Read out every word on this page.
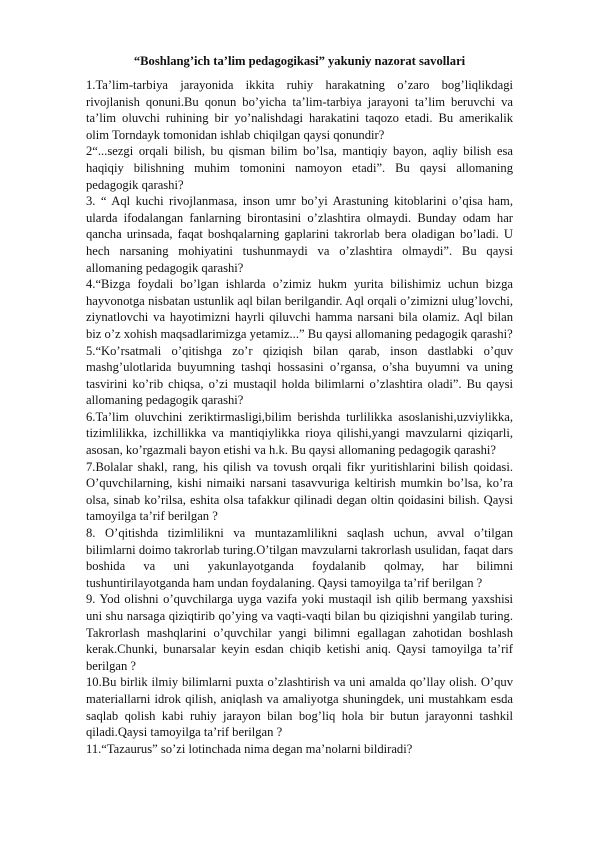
“Boshlang’ich ta’lim pedagogikasi” yakuniy nazorat savollari
1.Ta’lim-tarbiya jarayonida ikkita ruhiy harakatning o’zaro bog’liqlikdagi rivojlanish qonuni.Bu qonun bo’yicha ta’lim-tarbiya jarayoni ta’lim beruvchi va ta’lim oluvchi ruhining bir yo’nalishdagi harakatini taqozo etadi. Bu amerikalik olim Torndayk tomonidan ishlab chiqilgan qaysi qonundir?
2“...sezgi orqali bilish, bu qisman bilim bo’lsa, mantiqiy bayon, aqliy bilish esa haqiqiy bilishning muhim tomonini namoyon etadi”. Bu qaysi allomaning pedagogik qarashi?
3. “ Aql kuchi rivojlanmasa, inson umr bo’yi Arastuning kitoblarini o’qisa ham, ularda ifodalangan fanlarning birontasini o’zlashtira olmaydi. Bunday odam har qancha urinsada, faqat boshqalarning gaplarini takrorlab bera oladigan bo’ladi. U hech narsaning mohiyatini tushunmaydi va o’zlashtira olmaydi”. Bu qaysi allomaning pedagogik qarashi?
4.“Bizga foydali bo’lgan ishlarda o’zimiz hukm yurita bilishimiz uchun bizga hayvonotga nisbatan ustunlik aql bilan berilgandir. Aql orqali o’zimizni ulug’lovchi, ziynatlovchi va hayotimizni hayrli qiluvchi hamma narsani bila olamiz. Aql bilan biz o’z xohish maqsadlarimizga yetamiz...” Bu qaysi allomaning pedagogik qarashi?
5.“Ko’rsatmali o’qitishga zo’r qiziqish bilan qarab, inson dastlabki o’quv mashg’ulotlarida buyumning tashqi hossasini o’rgansa, o’sha buyumni va uning tasvirini ko’rib chiqsa, o’zi mustaqil holda bilimlarni o’zlashtira oladi”. Bu qaysi allomaning pedagogik qarashi?
6.Ta’lim oluvchini zeriktirmasligi,bilim berishda turlilikka asoslanishi,uzviylikka, tizimlilikka, izchillikka va mantiqiylikka rioya qilishi,yangi mavzularni qiziqarli, asosan, ko’rgazmali bayon etishi va h.k. Bu qaysi allomaning pedagogik qarashi?
7.Bolalar shakl, rang, his qilish va tovush orqali fikr yuritishlarini bilish qoidasi. O’quvchilarning, kishi nimaiki narsani tasavvuriga keltirish mumkin bo’lsa, ko’ra olsa, sinab ko’rilsa, eshita olsa tafakkur qilinadi degan oltin qoidasini bilish. Qaysi tamoyilga ta’rif berilgan ?
8. O’qitishda tizimlilikni va muntazamlilikni saqlash uchun, avval o’tilgan bilimlarni doimo takrorlab turing.O’tilgan mavzularni takrorlash usulidan, faqat dars boshida va uni yakunlayotganda foydalanib qolmay, har bilimni tushuntirilayotganda ham undan foydalaning. Qaysi tamoyilga ta’rif berilgan ?
9. Yod olishni o’quvchilarga uyga vazifa yoki mustaqil ish qilib bermang yaxshisi uni shu narsaga qiziqtirib qo’ying va vaqti-vaqti bilan bu qiziqishni yangilab turing. Takrorlash mashqlarini o’quvchilar yangi bilimni egallagan zahotidan boshlash kerak.Chunki, bunarsalar keyin esdan chiqib ketishi aniq. Qaysi tamoyilga ta’rif berilgan ?
10.Bu birlik ilmiy bilimlarni puxta o’zlashtirish va uni amalda qo’llay olish. O’quv materiallarni idrok qilish, aniqlash va amaliyotga shuningdek, uni mustahkam esda saqlab qolish kabi ruhiy jarayon bilan bog’liq hola bir butun jarayonni tashkil qiladi.Qaysi tamoyilga ta’rif berilgan ?
11.“Tazaurus” so’zi lotinchada nima degan ma’nolarni bildiradi?
